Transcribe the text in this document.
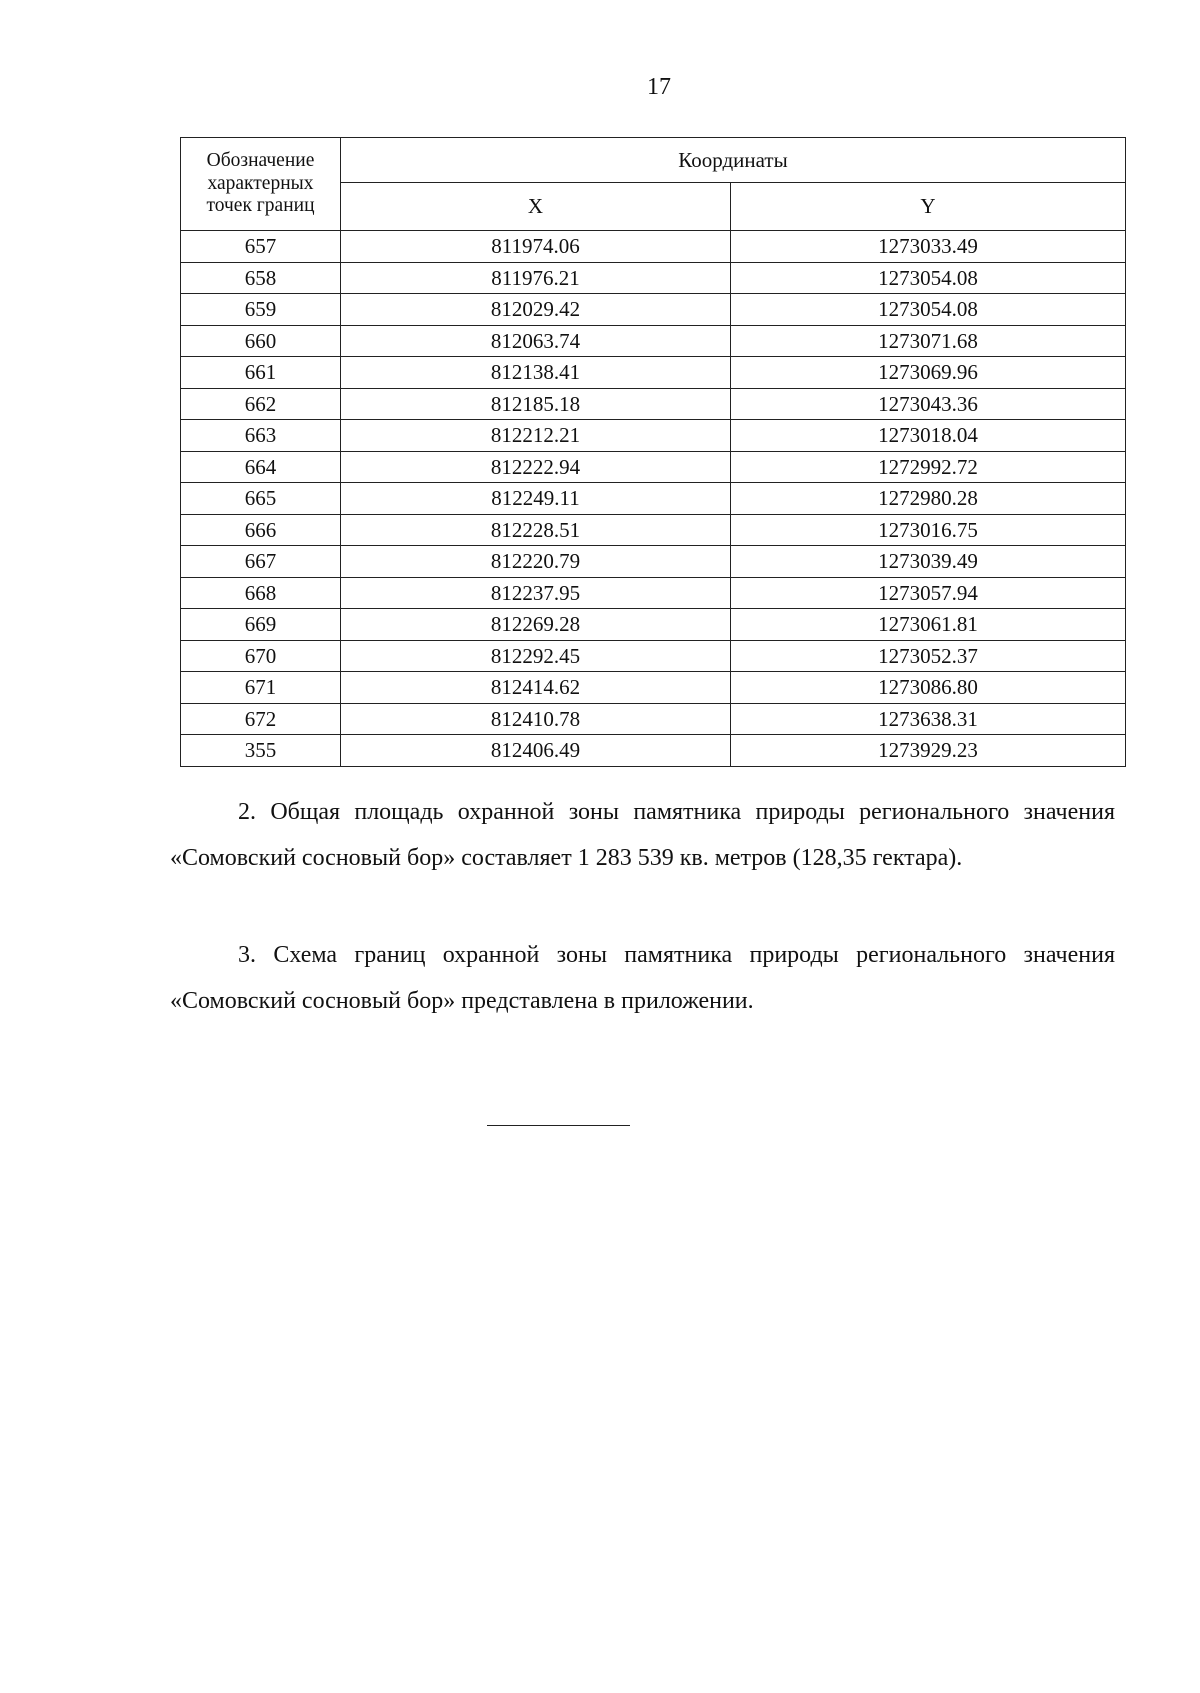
17
Обозначение характерных точек границ	Координаты	
	X	Y
657	811974.06	1273033.49
658	811976.21	1273054.08
659	812029.42	1273054.08
660	812063.74	1273071.68
661	812138.41	1273069.96
662	812185.18	1273043.36
663	812212.21	1273018.04
664	812222.94	1272992.72
665	812249.11	1272980.28
666	812228.51	1273016.75
667	812220.79	1273039.49
668	812237.95	1273057.94
669	812269.28	1273061.81
670	812292.45	1273052.37
671	812414.62	1273086.80
672	812410.78	1273638.31
355	812406.49	1273929.23

2. Общая площадь охранной зоны памятника природы регионального значения «Сомовский сосновый бор» составляет 1 283 539 кв. метров (128,35 гектара).

3. Схема границ охранной зоны памятника природы регионального значения «Сомовский сосновый бор» представлена в приложении.
